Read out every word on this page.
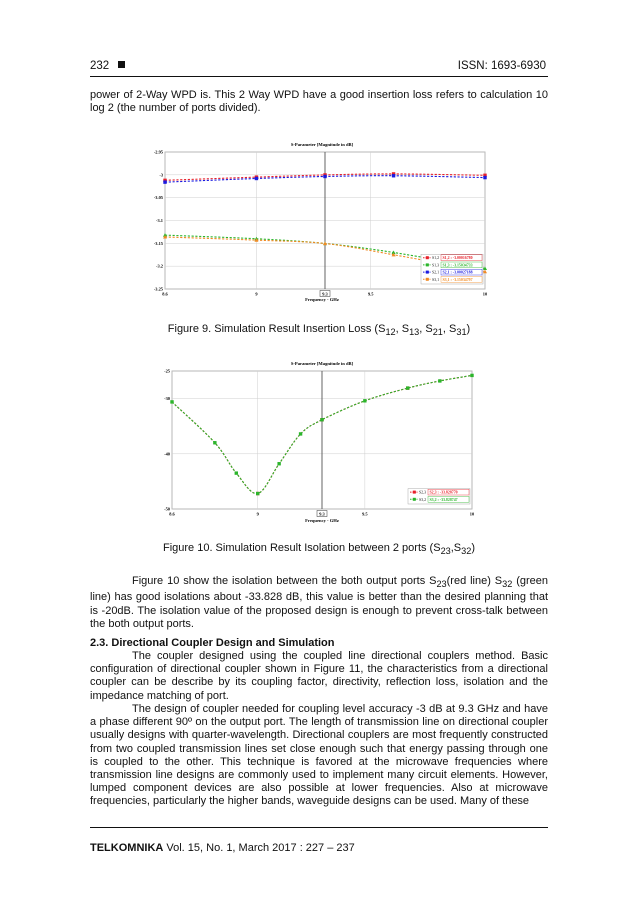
232	ISSN: 1693-6930

power of 2-Way WPD is. This 2 Way WPD have a good insertion loss refers to calculation 10 log 2 (the number of ports divided).

8.6	9	9.3	9.5	10
-2.95
-3
-3.05
-3.1
-3.15
-3.2
-3.25
S-Parameter [Magnitude in dB]
Frequency - GHz
S1,2 S1,2 : -3.00016780
S1,3 S1,3 : -3.15034733
S2,1 S2,1 : -3.00027188
S3,1 S3,1 : -3.15034797
Figure 9. Simulation Result Insertion Loss ($S_{12}$, $S_{13}$, $S_{21}$, $S_{31}$)
8.6	9	9.3	9.5	10
-25
-30
-40
-50
S-Parameter [Magnitude in dB]
Frequency - GHz
S2,3 S2,3 : -33.828770
S3,2 S3,2 : -33.828747
Figure 10. Simulation Result Isolation between 2 ports $(S_{23},S_{32})$

Figure 10 show the isolation between the both output ports $S_{23}(red$ line) $S_{32}$ (green line) has good isolations about -33.828 dB, this value is better than the desired planning that is -20dB. The isolation value of the proposed design is enough to prevent cross-talk between the both output ports.

2.3. Directional Coupler Design and Simulation

The coupler designed using the coupled line directional couplers method. Basic configuration of directional coupler shown in Figure 11, the characteristics from a directional coupler can be describe by its coupling factor, directivity, reflection loss, isolation and the impedance matching of port.

The design of coupler needed for coupling level accuracy -3 dB at 9.3 GHz and have a phase different 90º on the output port. The length of transmission line on directional coupler usually designs with quarter-wavelength. Directional couplers are most frequently constructed from two coupled transmission lines set close enough such that energy passing through one is coupled to the other. This technique is favored at the microwave frequencies where transmission line designs are commonly used to implement many circuit elements. However, lumped component devices are also possible at lower frequencies. Also at microwave frequencies, particularly the higher bands, waveguide designs can be used. Many of these

TELKOMNIKA Vol. 15, No. 1, March 2017 : 227 – 237
